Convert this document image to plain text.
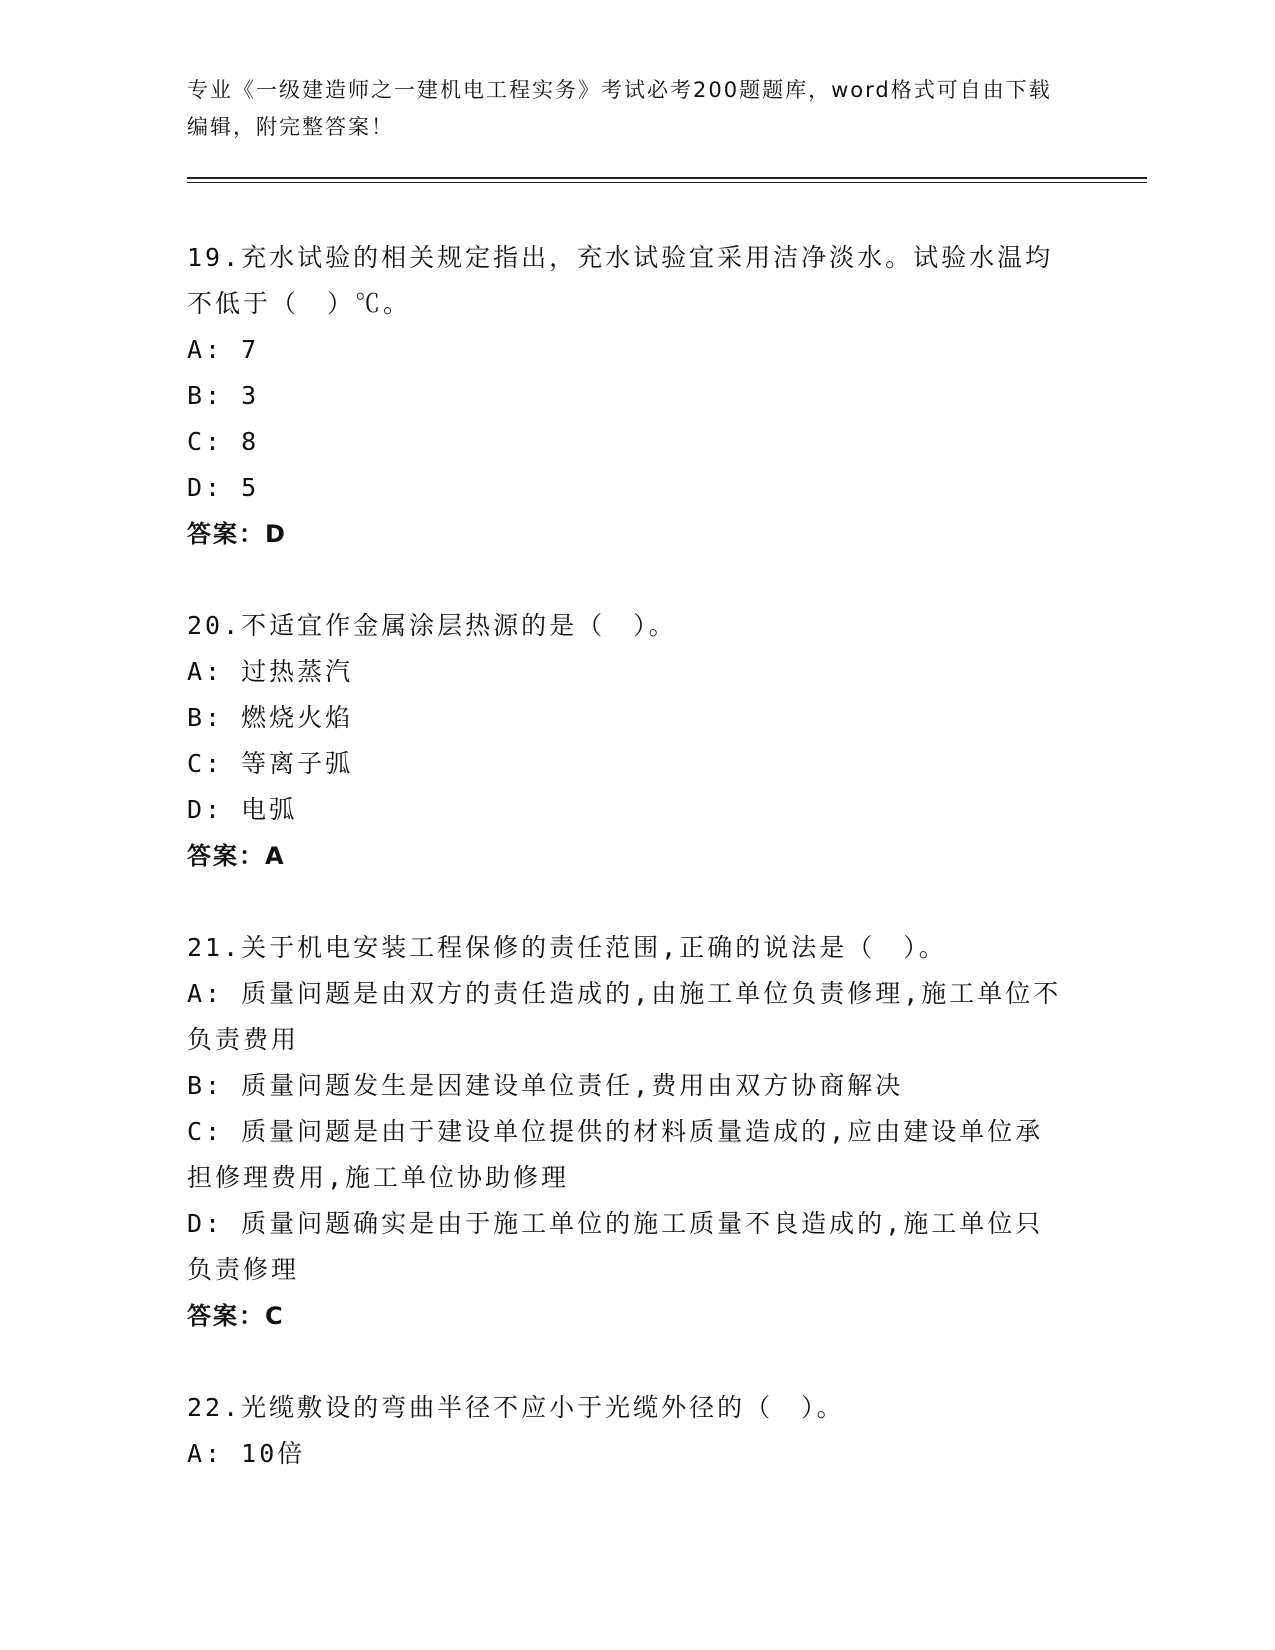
专业《一级建造师之一建机电工程实务》考试必考200题题库，word格式可自由下载编辑，附完整答案！

19.充水试验的相关规定指出，充水试验宜采用洁净淡水。试验水温均不低于（　）℃。

A: 7

B: 3

C: 8

D: 5

答案：D

20.不适宜作金属涂层热源的是（　）。

A: 过热蒸汽

B: 燃烧火焰

C: 等离子弧

D: 电弧

答案：A

21.关于机电安装工程保修的责任范围,正确的说法是（　）。

A: 质量问题是由双方的责任造成的,由施工单位负责修理,施工单位不负责费用

B: 质量问题发生是因建设单位责任,费用由双方协商解决

C: 质量问题是由于建设单位提供的材料质量造成的,应由建设单位承担修理费用,施工单位协助修理

D: 质量问题确实是由于施工单位的施工质量不良造成的,施工单位只负责修理

答案：C

22.光缆敷设的弯曲半径不应小于光缆外径的（　）。

A: 10倍
